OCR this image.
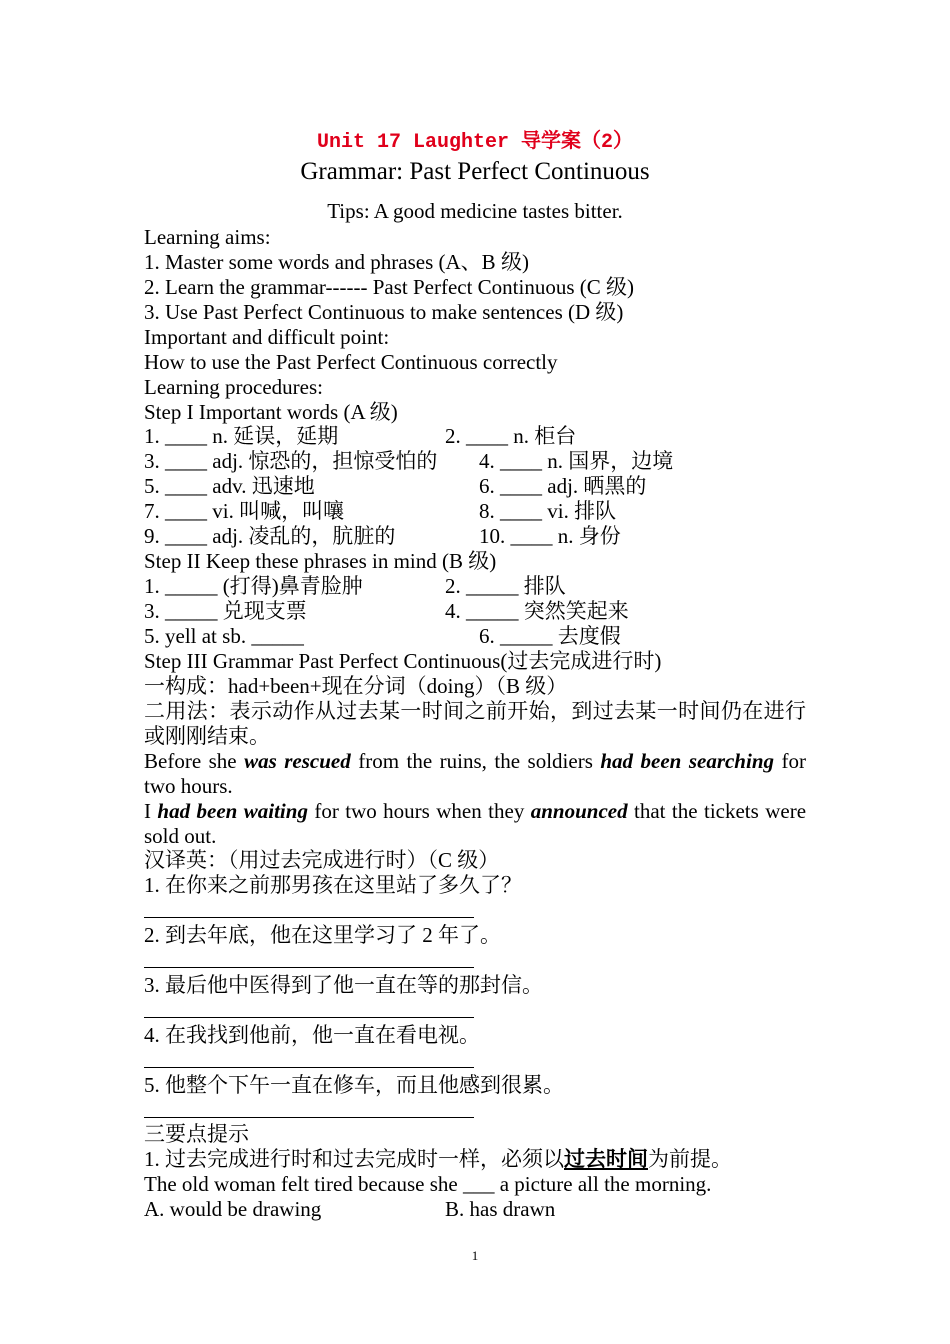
Unit 17 Laughter 导学案（2）
Grammar: Past Perfect Continuous
Tips: A good medicine tastes bitter.
Learning aims:
1. Master some words and phrases (A、B 级)
2. Learn the grammar------ Past Perfect Continuous (C 级)
3. Use Past Perfect Continuous to make sentences (D 级)
Important and difficult point:
How to use the Past Perfect Continuous correctly
Learning procedures:
Step I Important words (A 级)
1. ____ n. 延误，延期	2. ____ n. 柜台
3. ____ adj. 惊恐的，担惊受怕的 4. ____ n. 国界，边境
5. ____ adv. 迅速地	6. ____ adj. 晒黑的
7. ____ vi. 叫喊，叫嚷	8. ____ vi. 排队
9. ____ adj. 凌乱的，肮脏的	10. ____ n. 身份
Step II Keep these phrases in mind (B 级)
1. _____ (打得)鼻青脸肿	2. _____ 排队
3. _____ 兑现支票	4. _____ 突然笑起来
5. yell at sb. _____	6. _____ 去度假
Step III Grammar Past Perfect Continuous(过去完成进行时)
一构成：had+been+现在分词（doing）（B 级）
二用法：表示动作从过去某一时间之前开始，到过去某一时间仍在进行或刚刚结束。
Before she was rescued from the ruins, the soldiers had been searching for two hours.
I had been waiting for two hours when they announced that the tickets were sold out.
汉译英：（用过去完成进行时）（C 级）
1. 在你来之前那男孩在这里站了多久了？
2. 到去年底，他在这里学习了 2 年了。
3. 最后他中医得到了他一直在等的那封信。
4. 在我找到他前，他一直在看电视。
5. 他整个下午一直在修车，而且他感到很累。
三要点提示
1. 过去完成进行时和过去完成时一样，必须以过去时间为前提。
The old woman felt tired because she ___ a picture all the morning.
A. would be drawing	B. has drawn
1
